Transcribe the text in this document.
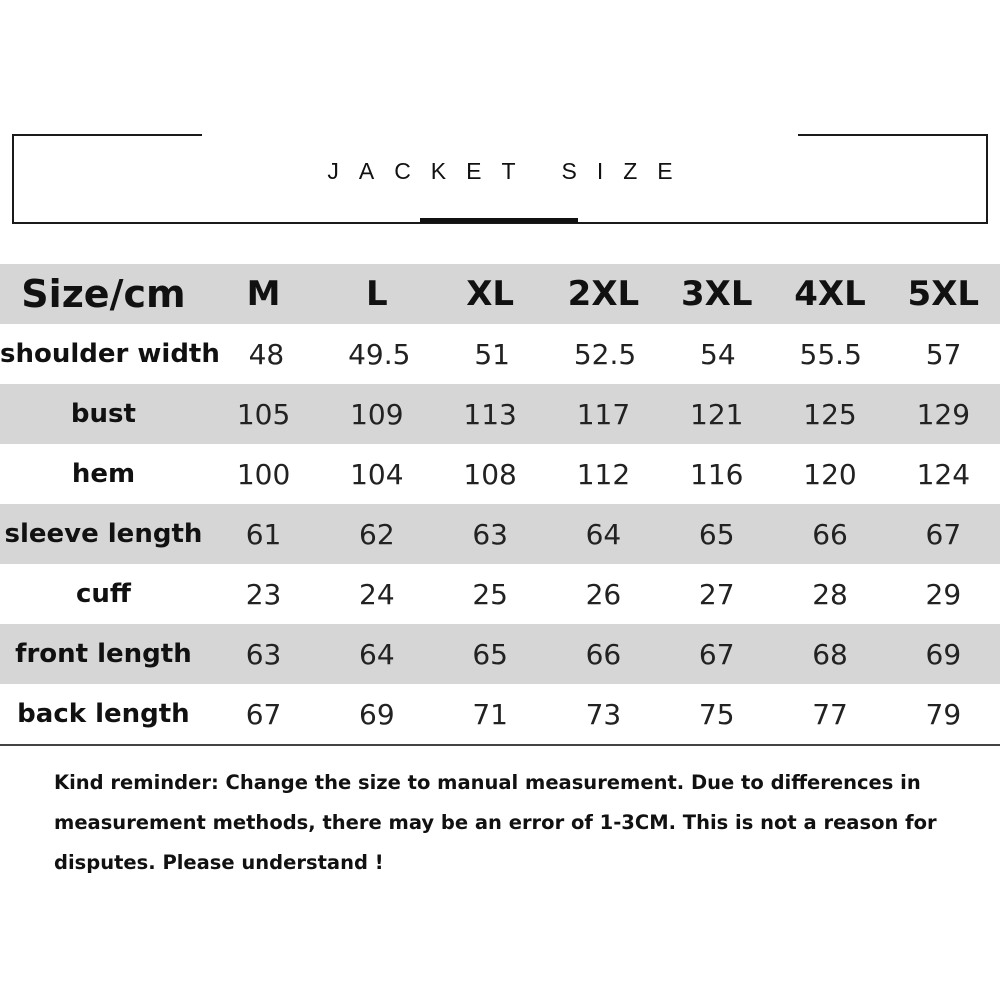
JACKET SIZE
Size/cm	M	L	XL	2XL	3XL	4XL	5XL
shoulder width	48	49.5	51	52.5	54	55.5	57
bust	105	109	113	117	121	125	129
hem	100	104	108	112	116	120	124
sleeve length	61	62	63	64	65	66	67
cuff	23	24	25	26	27	28	29
front length	63	64	65	66	67	68	69
back length	67	69	71	73	75	77	79
Kind reminder: Change the size to manual measurement. Due to differences in measurement methods, there may be an error of 1-3CM. This is not a reason for disputes. Please understand !
